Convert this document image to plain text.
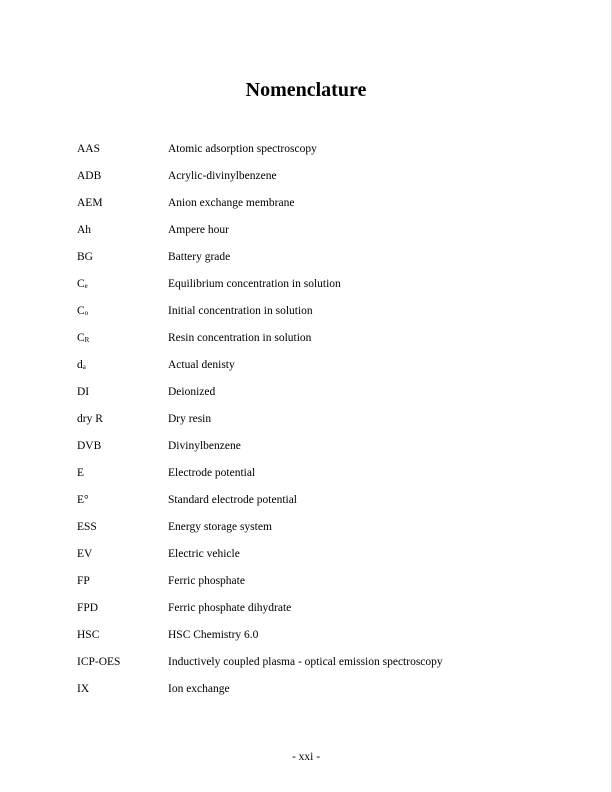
Nomenclature
AAS	Atomic adsorption spectroscopy
ADB	Acrylic-divinylbenzene
AEM	Anion exchange membrane
Ah	Ampere hour
BG	Battery grade
$C_e$	Equilibrium concentration in solution
$C_o$	Initial concentration in solution
$C_R$	Resin concentration in solution
$d_a$	Actual denisty
DI	Deionized
dry R	Dry resin
DVB	Divinylbenzene
E	Electrode potential
E°	Standard electrode potential
ESS	Energy storage system
EV	Electric vehicle
FP	Ferric phosphate
FPD	Ferric phosphate dihydrate
HSC	HSC Chemistry 6.0
ICP-OES	Inductively coupled plasma - optical emission spectroscopy
IX	Ion exchange
- xxi -
